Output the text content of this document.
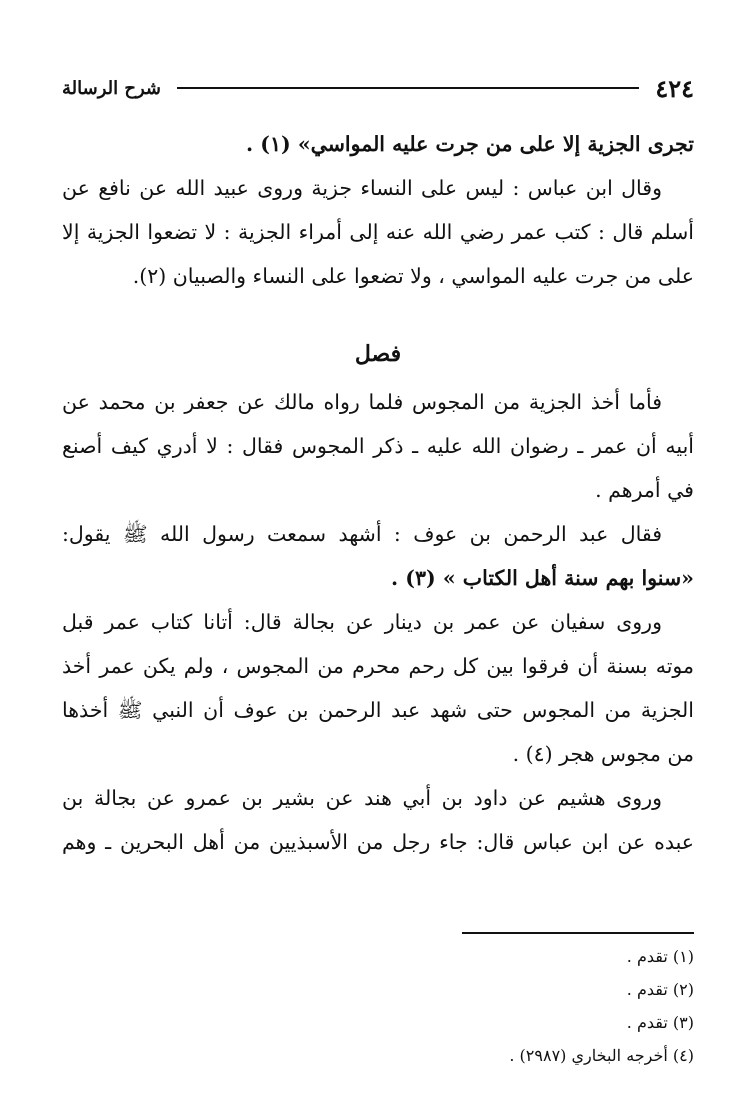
٤٢٤
شرح الرسالة
تجرى الجزية إلا على من جرت عليه المواسي» (١) .
وقال ابن عباس : ليس على النساء جزية وروى عبيد الله عن نافع عن
أسلم قال : كتب عمر رضي الله عنه إلى أمراء الجزية : لا تضعوا الجزية إلا
على من جرت عليه المواسي ، ولا تضعوا على النساء والصبيان (٢).
فصل
فأما أخذ الجزية من المجوس فلما رواه مالك عن جعفر بن محمد عن
أبيه أن عمر ـ رضوان الله عليه ـ ذكر المجوس فقال : لا أدري كيف أصنع
في أمرهم .
فقال عبد الرحمن بن عوف : أشهد سمعت رسول الله ﷺ يقول:
«سنوا بهم سنة أهل الكتاب » (٣) .
وروى سفيان عن عمر بن دينار عن بجالة قال: أتانا كتاب عمر قبل
موته بسنة أن فرقوا بين كل رحم محرم من المجوس ، ولم يكن عمر أخذ
الجزية من المجوس حتى شهد عبد الرحمن بن عوف أن النبي ﷺ أخذها
من مجوس هجر (٤) .
وروى هشيم عن داود بن أبي هند عن بشير بن عمرو عن بجالة بن
عبده عن ابن عباس قال: جاء رجل من الأسبذيين من أهل البحرين ـ وهم
(١) تقدم .
(٢) تقدم .
(٣) تقدم .
(٤) أخرجه البخاري (٢٩٨٧) .
